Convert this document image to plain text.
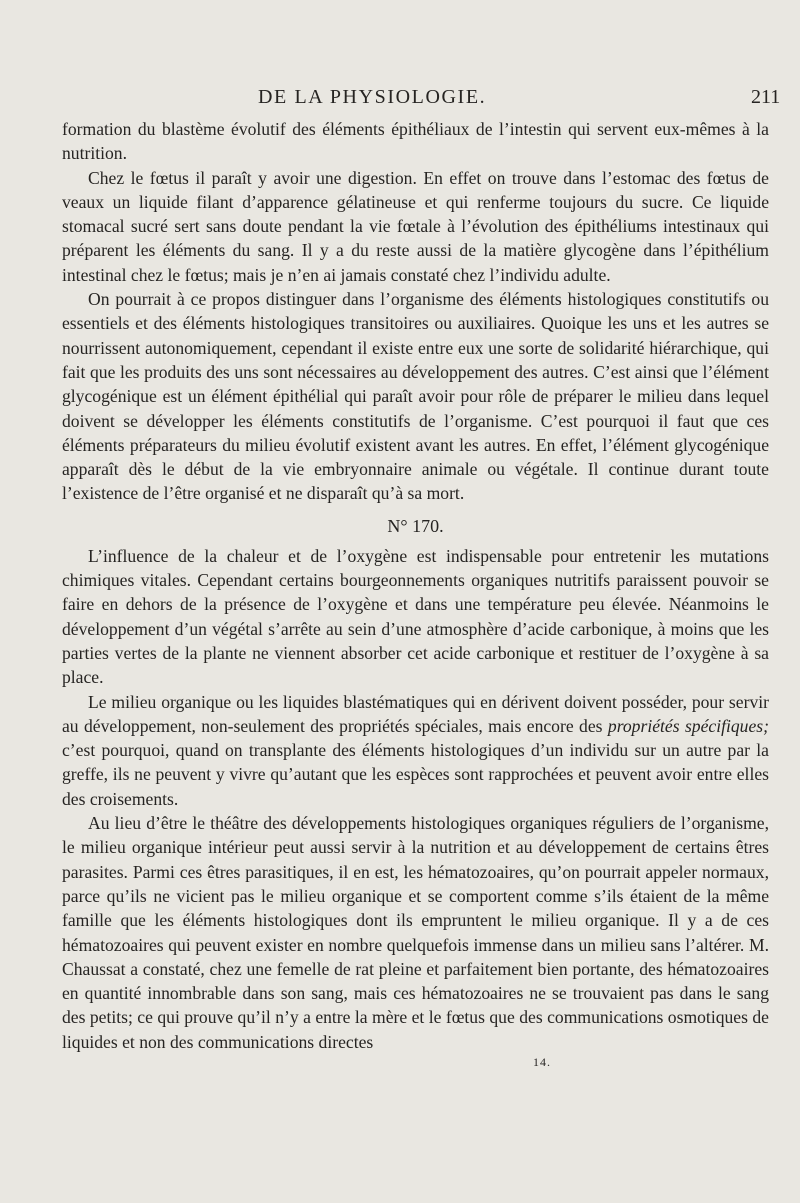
DE LA PHYSIOLOGIE.	211

formation du blastème évolutif des éléments épithéliaux de l’intestin qui servent eux-mêmes à la nutrition.

Chez le fœtus il paraît y avoir une digestion. En effet on trouve dans l’estomac des fœtus de veaux un liquide filant d’apparence gélatineuse et qui renferme toujours du sucre. Ce liquide stomacal sucré sert sans doute pendant la vie fœtale à l’évolution des épithéliums intestinaux qui préparent les éléments du sang. Il y a du reste aussi de la matière glycogène dans l’épithélium intestinal chez le fœtus; mais je n’en ai jamais constaté chez l’individu adulte.

On pourrait à ce propos distinguer dans l’organisme des éléments histologiques constitutifs ou essentiels et des éléments histologiques transitoires ou auxiliaires. Quoique les uns et les autres se nourrissent autonomiquement, cependant il existe entre eux une sorte de solidarité hiérarchique, qui fait que les produits des uns sont nécessaires au développement des autres. C’est ainsi que l’élément glycogénique est un élément épithélial qui paraît avoir pour rôle de préparer le milieu dans lequel doivent se développer les éléments constitutifs de l’organisme. C’est pourquoi il faut que ces éléments préparateurs du milieu évolutif existent avant les autres. En effet, l’élément glycogénique apparaît dès le début de la vie embryonnaire animale ou végétale. Il continue durant toute l’existence de l’être organisé et ne disparaît qu’à sa mort.

N° 170.

L’influence de la chaleur et de l’oxygène est indispensable pour entretenir les mutations chimiques vitales. Cependant certains bourgeonnements organiques nutritifs paraissent pouvoir se faire en dehors de la présence de l’oxygène et dans une température peu élevée. Néanmoins le développement d’un végétal s’arrête au sein d’une atmosphère d’acide carbonique, à moins que les parties vertes de la plante ne viennent absorber cet acide carbonique et restituer de l’oxygène à sa place.

Le milieu organique ou les liquides blastématiques qui en dérivent doivent posséder, pour servir au développement, non-seulement des propriétés spéciales, mais encore des propriétés spécifiques; c’est pourquoi, quand on transplante des éléments histologiques d’un individu sur un autre par la greffe, ils ne peuvent y vivre qu’autant que les espèces sont rapprochées et peuvent avoir entre elles des croisements.

Au lieu d’être le théâtre des développements histologiques organiques réguliers de l’organisme, le milieu organique intérieur peut aussi servir à la nutrition et au développement de certains êtres parasites. Parmi ces êtres parasitiques, il en est, les hématozoaires, qu’on pourrait appeler normaux, parce qu’ils ne vicient pas le milieu organique et se comportent comme s’ils étaient de la même famille que les éléments histologiques dont ils empruntent le milieu organique. Il y a de ces hématozoaires qui peuvent exister en nombre quelquefois immense dans un milieu sans l’altérer. M. Chaussat a constaté, chez une femelle de rat pleine et parfaitement bien portante, des hématozoaires en quantité innombrable dans son sang, mais ces hématozoaires ne se trouvaient pas dans le sang des petits; ce qui prouve qu’il n’y a entre la mère et le fœtus que des communications osmotiques de liquides et non des communications directes

14.
